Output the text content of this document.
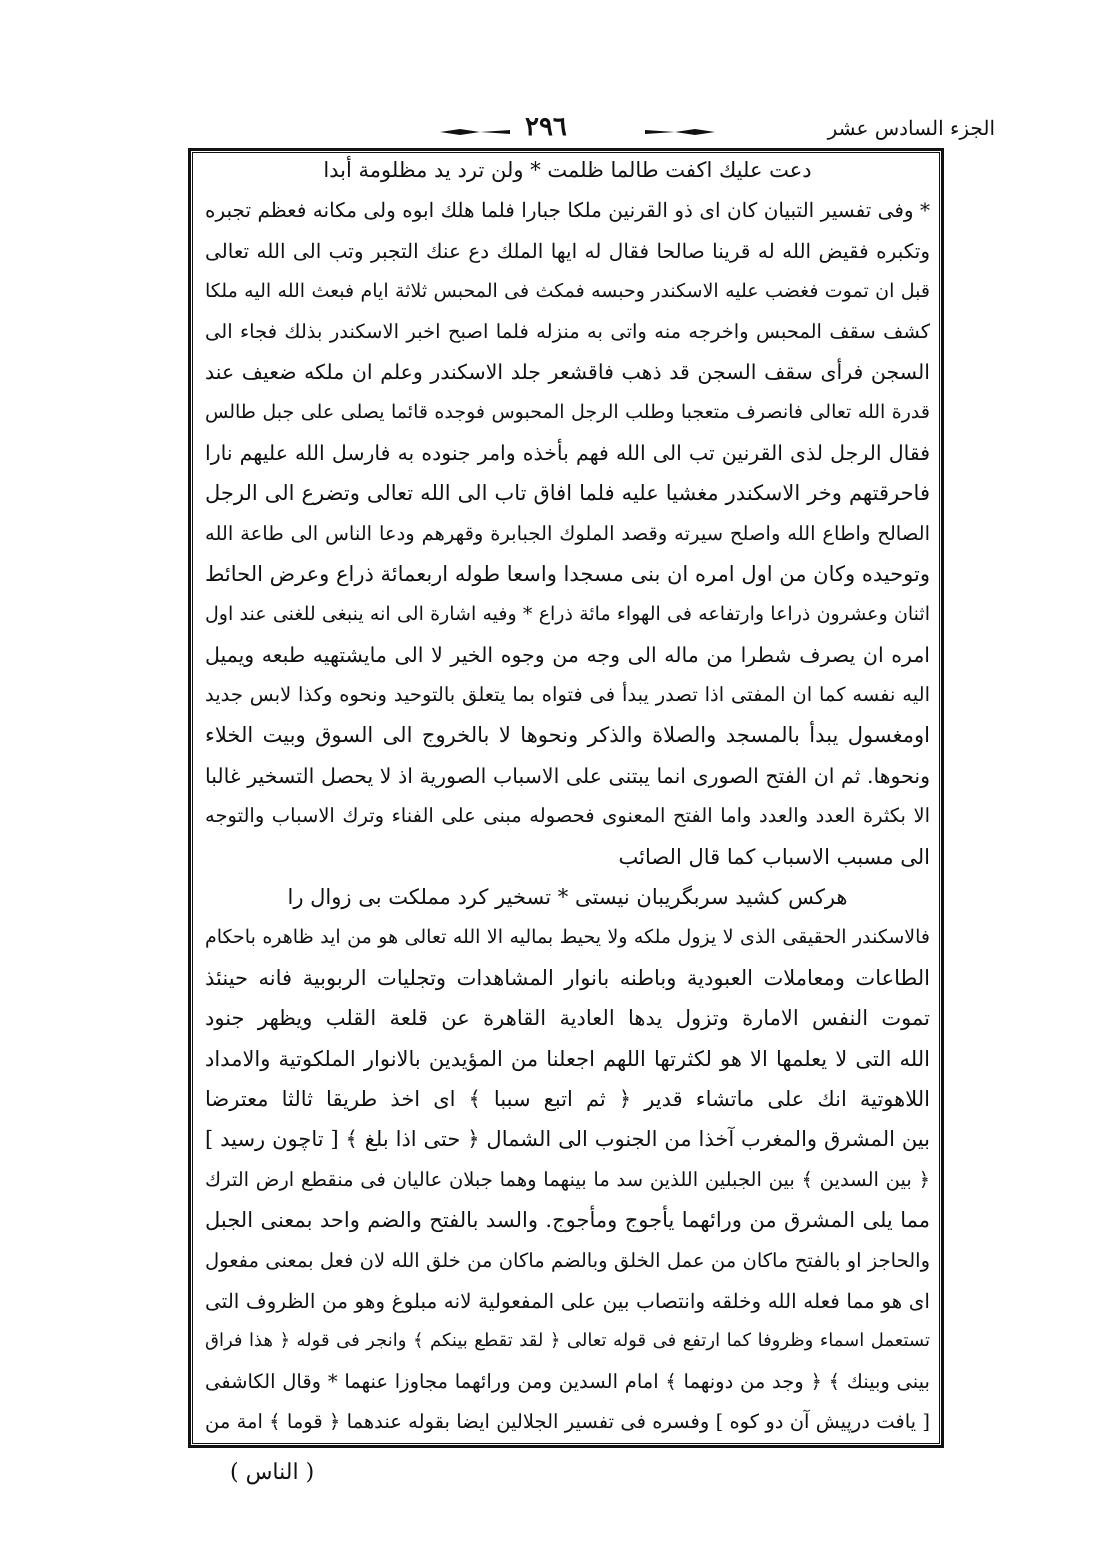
الجزء السادس عشر
٢٩٦
دعت عليك اكفت طالما ظلمت * ولن ترد يد مظلومة أبدا
* وفى تفسير التبيان كان اى ذو القرنين ملكا جبارا فلما هلك ابوه ولى مكانه فعظم تجبره
وتكبره فقيض الله له قرينا صالحا فقال له ايها الملك دع عنك التجبر وتب الى الله تعالى
قبل ان تموت فغضب عليه الاسكندر وحبسه فمكث فى المحبس ثلاثة ايام فبعث الله اليه ملكا
كشف سقف المحبس واخرجه منه واتى به منزله فلما اصبح اخبر الاسكندر بذلك فجاء الى
السجن فرأى سقف السجن قد ذهب فاقشعر جلد الاسكندر وعلم ان ملكه ضعيف عند
قدرة الله تعالى فانصرف متعجبا وطلب الرجل المحبوس فوجده قائما يصلى على جبل طالس
فقال الرجل لذى القرنين تب الى الله فهم بأخذه وامر جنوده به فارسل الله عليهم نارا
فاحرقتهم وخر الاسكندر مغشيا عليه فلما افاق تاب الى الله تعالى وتضرع الى الرجل
الصالح واطاع الله واصلح سيرته وقصد الملوك الجبابرة وقهرهم ودعا الناس الى طاعة الله
وتوحيده وكان من اول امره ان بنى مسجدا واسعا طوله اربعمائة ذراع وعرض الحائط
اثنان وعشرون ذراعا وارتفاعه فى الهواء مائة ذراع * وفيه اشارة الى انه ينبغى للغنى عند اول
امره ان يصرف شطرا من ماله الى وجه من وجوه الخير لا الى مايشتهيه طبعه ويميل
اليه نفسه كما ان المفتى اذا تصدر يبدأ فى فتواه بما يتعلق بالتوحيد ونحوه وكذا لابس جديد
اومغسول يبدأ بالمسجد والصلاة والذكر ونحوها لا بالخروج الى السوق وبيت الخلاء
ونحوها. ثم ان الفتح الصورى انما يبتنى على الاسباب الصورية اذ لا يحصل التسخير غالبا
الا بكثرة العدد والعدد واما الفتح المعنوى فحصوله مبنى على الفناء وترك الاسباب والتوجه
الى مسبب الاسباب كما قال الصائب
هركس كشيد سربگريبان نيستى * تسخير كرد مملكت بى زوال را
فالاسكندر الحقيقى الذى لا يزول ملكه ولا يحيط بماليه الا الله تعالى هو من ايد ظاهره باحكام
الطاعات ومعاملات العبودية وباطنه بانوار المشاهدات وتجليات الربوبية فانه حينئذ
تموت النفس الامارة وتزول يدها العادية القاهرة عن قلعة القلب ويظهر جنود
الله التى لا يعلمها الا هو لكثرتها اللهم اجعلنا من المؤيدين بالانوار الملكوتية والامداد
اللاهوتية انك على ماتشاء قدير ﴿ ثم اتبع سببا ﴾ اى اخذ طريقا ثالثا معترضا
بين المشرق والمغرب آخذا من الجنوب الى الشمال ﴿ حتى اذا بلغ ﴾ [ تاچون رسيد ]
﴿ بين السدين ﴾ بين الجبلين اللذين سد ما بينهما وهما جبلان عاليان فى منقطع ارض الترك
مما يلى المشرق من ورائهما يأجوج ومأجوج. والسد بالفتح والضم واحد بمعنى الجبل
والحاجز او بالفتح ماكان من عمل الخلق وبالضم ماكان من خلق الله لان فعل بمعنى مفعول
اى هو مما فعله الله وخلقه وانتصاب بين على المفعولية لانه مبلوغ وهو من الظروف التى
تستعمل اسماء وظروفا كما ارتفع فى قوله تعالى ﴿ لقد تقطع بينكم ﴾ وانجر فى قوله ﴿ هذا فراق
بينى وبينك ﴾ ﴿ وجد من دونهما ﴾ امام السدين ومن ورائهما مجاوزا عنهما * وقال الكاشفى
[ يافت درپيش آن دو كوه ] وفسره فى تفسير الجلالين ايضا بقوله عندهما ﴿ قوما ﴾ امة من
( الناس )
